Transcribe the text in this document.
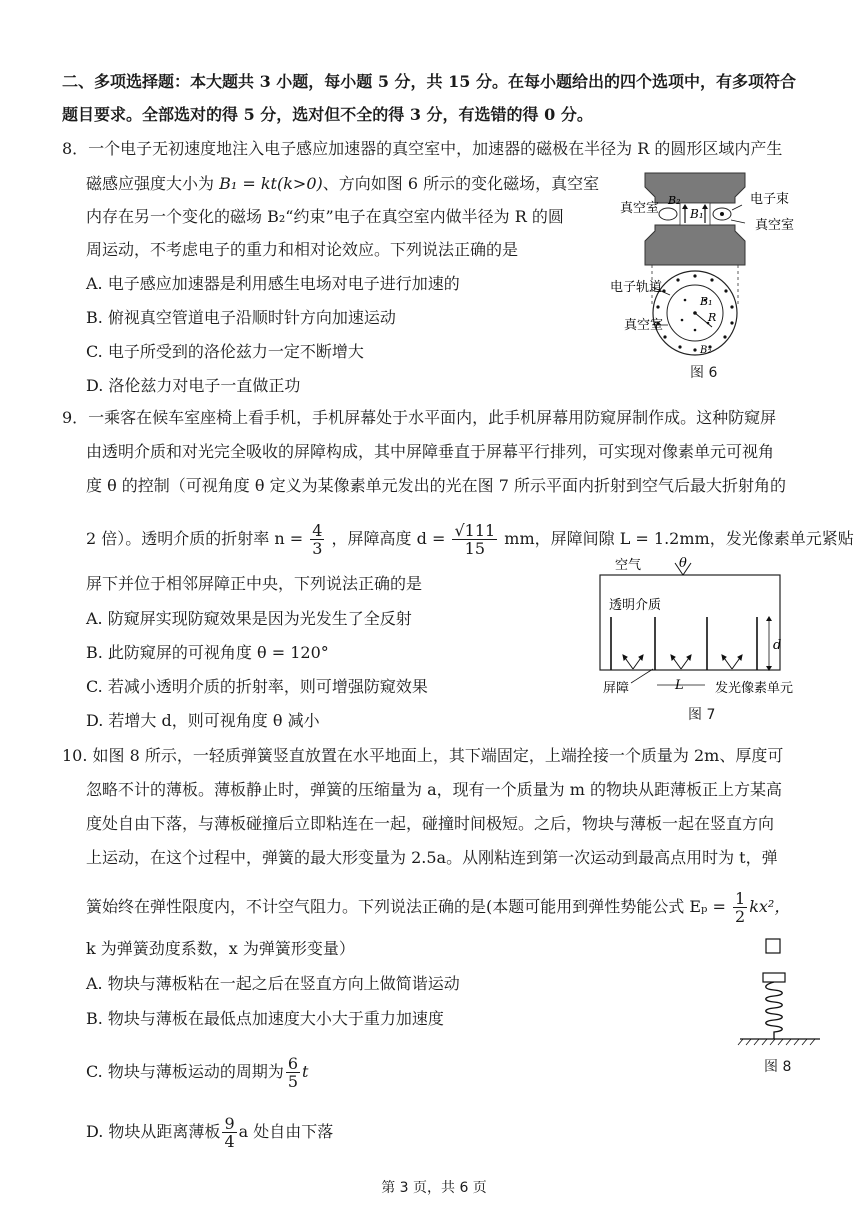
二、多项选择题：本大题共 3 小题，每小题 5 分，共 15 分。在每小题给出的四个选项中，有多项符合
题目要求。全部选对的得 5 分，选对但不全的得 3 分，有选错的得 0 分。
8．一个电子无初速度地注入电子感应加速器的真空室中，加速器的磁极在半径为 R 的圆形区域内产生
磁感应强度大小为 B₁ = kt(k>0)、方向如图 6 所示的变化磁场，真空室
内存在另一个变化的磁场 B₂“约束”电子在真空室内做半径为 R 的圆
周运动，不考虑电子的重力和相对论效应。下列说法正确的是
A. 电子感应加速器是利用感生电场对电子进行加速的
B. 俯视真空管道电子沿顺时针方向加速运动
C. 电子所受到的洛伦兹力一定不断增大
D. 洛伦兹力对电子一直做正功
真空室
B₂
B₁
电子束
真空室
电子轨道
真空室
B₁
R
B₂
图 6
9．一乘客在候车室座椅上看手机，手机屏幕处于水平面内，此手机屏幕用防窥屏制作成。这种防窥屏
由透明介质和对光完全吸收的屏障构成，其中屏障垂直于屏幕平行排列，可实现对像素单元可视角
度 θ 的控制（可视角度 θ 定义为某像素单元发出的光在图 7 所示平面内折射到空气后最大折射角的
2 倍）。透明介质的折射率 $n = \frac{4}{3}$ ，屏障高度 $d = \frac{√111}{15}$ mm，屏障间隙 L = 1.2mm，发光像素单元紧贴
屏下并位于相邻屏障正中央，下列说法正确的是
A. 防窥屏实现防窥效果是因为光发生了全反射
B. 此防窥屏的可视角度 θ = 120°
C. 若减小透明介质的折射率，则可增强防窥效果
D. 若增大 d，则可视角度 θ 减小
空气	θ
透明介质
d
屏障	L 发光像素单元
图 7
10. 如图 8 所示，一轻质弹簧竖直放置在水平地面上，其下端固定，上端拴接一个质量为 2m、厚度可
忽略不计的薄板。薄板静止时，弹簧的压缩量为 a，现有一个质量为 m 的物块从距薄板正上方某高
度处自由下落，与薄板碰撞后立即粘连在一起，碰撞时间极短。之后，物块与薄板一起在竖直方向
上运动，在这个过程中，弹簧的最大形变量为 2.5a。从刚粘连到第一次运动到最高点用时为 t，弹
簧始终在弹性限度内，不计空气阻力。下列说法正确的是(本题可能用到弹性势能公式 $E_p = \frac{1}{2} kx^2$，
k 为弹簧劲度系数，x 为弹簧形变量）
A. 物块与薄板粘在一起之后在竖直方向上做简谐运动
B. 物块与薄板在最低点加速度大小大于重力加速度
C. 物块与薄板运动的周期为 $\frac{6}{5}$ t
D. 物块从距离薄板 $\frac{9}{4}$ a 处自由下落
图 8
第 3 页，共 6 页
